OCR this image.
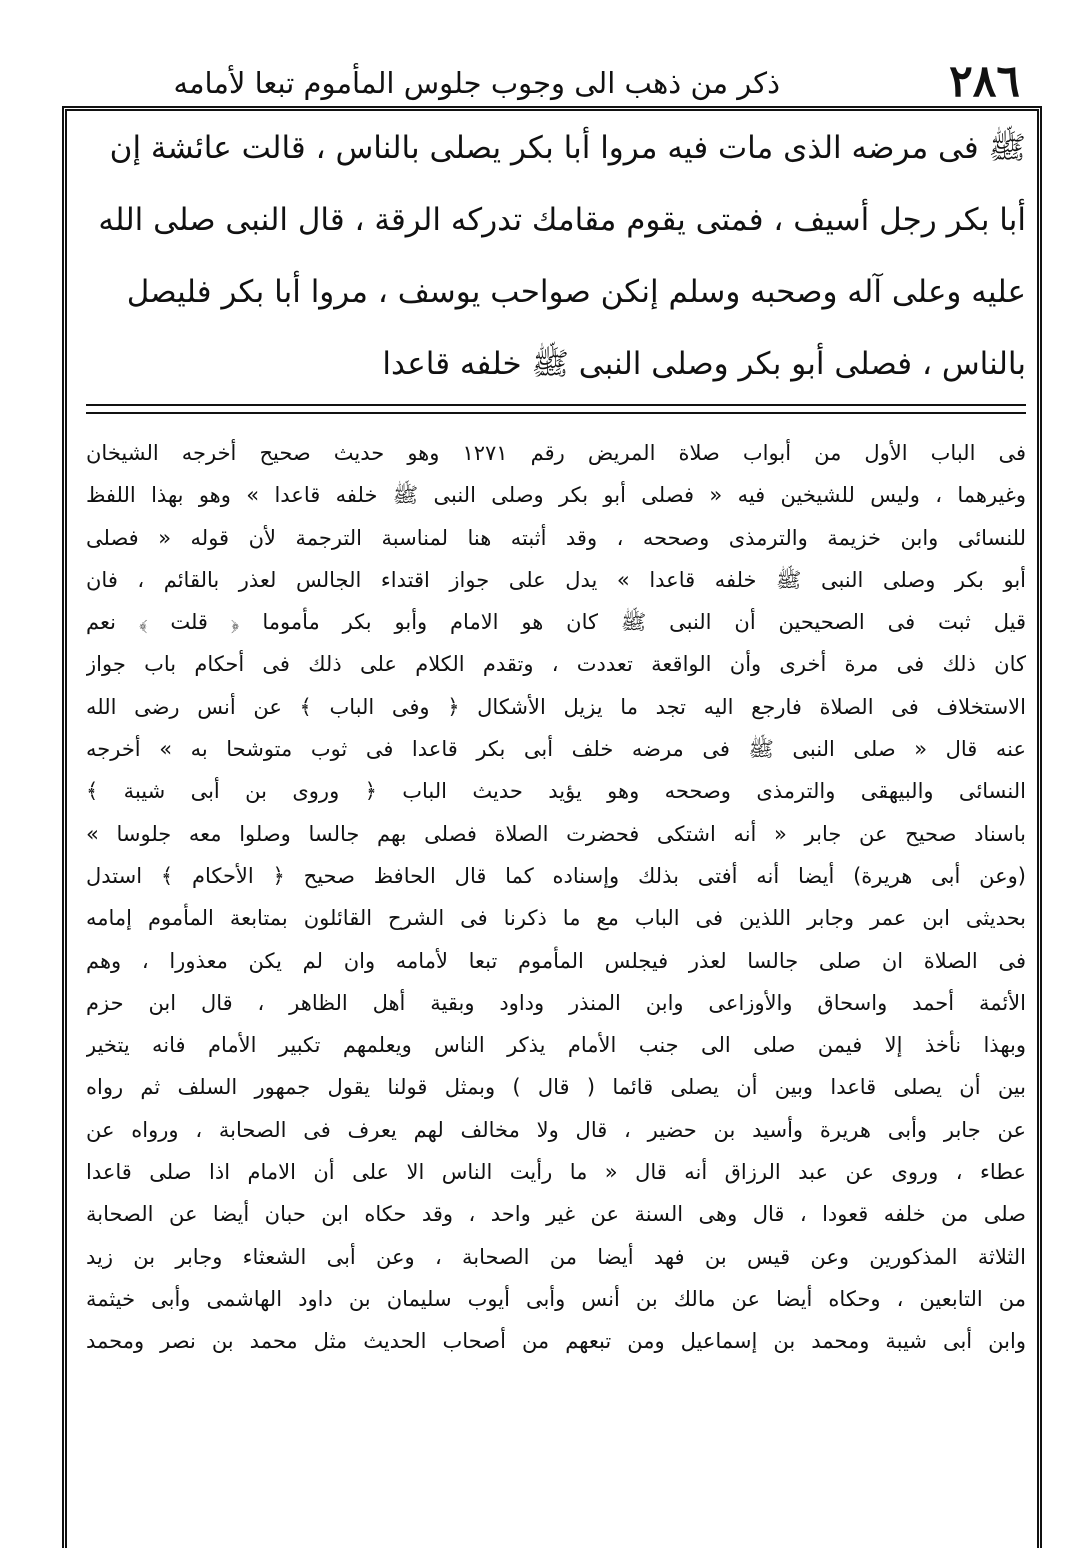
٢٨٦
ذكر من ذهب الى وجوب جلوس المأموم تبعا لأمامه
ﷺ فى مرضه الذى مات فيه مروا أبا بكر يصلى بالناس ، قالت عائشة إن
أبا بكر رجل أسيف ، فمتى يقوم مقامك تدركه الرقة ، قال النبى صلى الله
عليه وعلى آله وصحبه وسلم إنكن صواحب يوسف ، مروا أبا بكر فليصل
بالناس ، فصلى أبو بكر وصلى النبى ﷺ خلفه قاعدا
فى الباب الأول من أبواب صلاة المريض رقم ١٢٧١ وهو حديث صحيح أخرجه الشيخان
وغيرهما ، وليس للشيخين فيه « فصلى أبو بكر وصلى النبى ﷺ خلفه قاعدا » وهو بهذا اللفظ
للنسائى وابن خزيمة والترمذى وصححه ، وقد أثبته هنا لمناسبة الترجمة لأن قوله « فصلى
أبو بكر وصلى النبى ﷺ خلفه قاعدا » يدل على جواز اقتداء الجالس لعذر بالقائم ، فان
قيل ثبت فى الصحيحين أن النبى ﷺ كان هو الامام وأبو بكر مأموما ﴿ قلت ﴾ نعم
كان ذلك فى مرة أخرى وأن الواقعة تعددت ، وتقدم الكلام على ذلك فى أحكام باب جواز
الاستخلاف فى الصلاة فارجع اليه تجد ما يزيل الأشكال ﴿ وفى الباب ﴾ عن أنس رضى الله
عنه قال « صلى النبى ﷺ فى مرضه خلف أبى بكر قاعدا فى ثوب متوشحا به » أخرجه
النسائى والبيهقى والترمذى وصححه وهو يؤيد حديث الباب ﴿ وروى بن أبى شيبة ﴾
باسناد صحيح عن جابر « أنه اشتكى فحضرت الصلاة فصلى بهم جالسا وصلوا معه جلوسا »
(وعن أبى هريرة) أيضا أنه أفتى بذلك وإسناده كما قال الحافظ صحيح ﴿ الأحكام ﴾ استدل
بحديثى ابن عمر وجابر اللذين فى الباب مع ما ذكرنا فى الشرح القائلون بمتابعة المأموم إمامه
فى الصلاة ان صلى جالسا لعذر فيجلس المأموم تبعا لأمامه وان لم يكن معذورا ، وهم
الأئمة أحمد واسحاق والأوزاعى وابن المنذر وداود وبقية أهل الظاهر ، قال ابن حزم
وبهذا نأخذ إلا فيمن صلى الى جنب الأمام يذكر الناس ويعلمهم تكبير الأمام فانه يتخير
بين أن يصلى قاعدا وبين أن يصلى قائما ( قال ) وبمثل قولنا يقول جمهور السلف ثم رواه
عن جابر وأبى هريرة وأسيد بن حضير ، قال ولا مخالف لهم يعرف فى الصحابة ، ورواه عن
عطاء ، وروى عن عبد الرزاق أنه قال « ما رأيت الناس الا على أن الامام اذا صلى قاعدا
صلى من خلفه قعودا ، قال وهى السنة عن غير واحد ، وقد حكاه ابن حبان أيضا عن الصحابة
الثلاثة المذكورين وعن قيس بن فهد أيضا من الصحابة ، وعن أبى الشعثاء وجابر بن زيد
من التابعين ، وحكاه أيضا عن مالك بن أنس وأبى أيوب سليمان بن داود الهاشمى وأبى خيثمة
وابن أبى شيبة ومحمد بن إسماعيل ومن تبعهم من أصحاب الحديث مثل محمد بن نصر ومحمد
